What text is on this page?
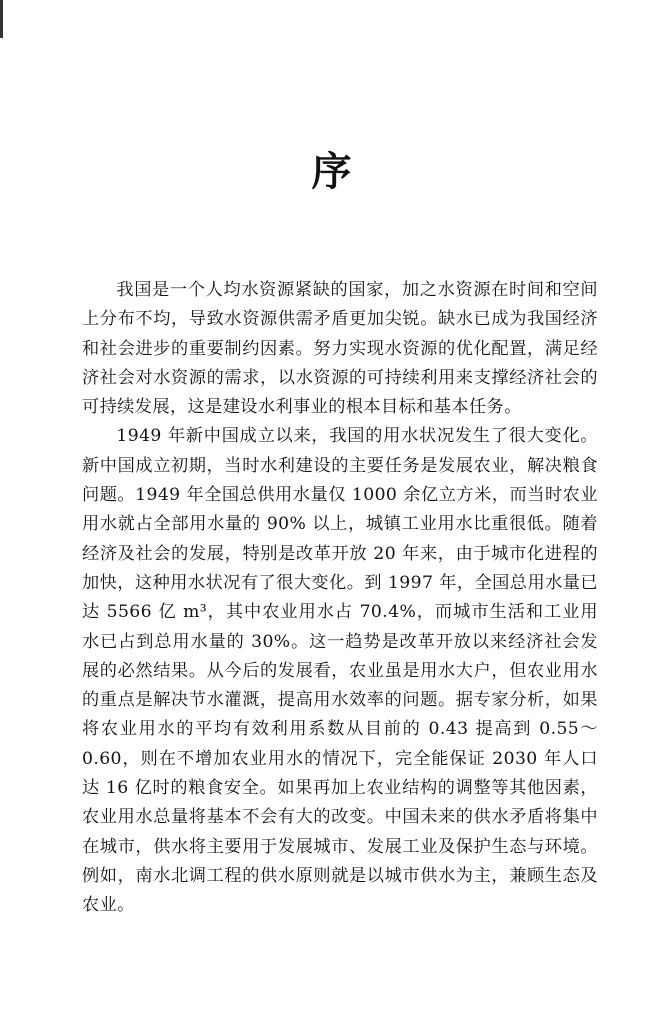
序

我国是一个人均水资源紧缺的国家，加之水资源在时间和空间上分布不均，导致水资源供需矛盾更加尖锐。缺水已成为我国经济和社会进步的重要制约因素。努力实现水资源的优化配置，满足经济社会对水资源的需求，以水资源的可持续利用来支撑经济社会的可持续发展，这是建设水利事业的根本目标和基本任务。

1949 年新中国成立以来，我国的用水状况发生了很大变化。新中国成立初期，当时水利建设的主要任务是发展农业，解决粮食问题。1949 年全国总供用水量仅 1000 余亿立方米，而当时农业用水就占全部用水量的 90% 以上，城镇工业用水比重很低。随着经济及社会的发展，特别是改革开放 20 年来，由于城市化进程的加快，这种用水状况有了很大变化。到 1997 年，全国总用水量已达 5566 亿 m³，其中农业用水占 70.4%，而城市生活和工业用水已占到总用水量的 30%。这一趋势是改革开放以来经济社会发展的必然结果。从今后的发展看，农业虽是用水大户，但农业用水的重点是解决节水灌溉，提高用水效率的问题。据专家分析，如果将农业用水的平均有效利用系数从目前的 0.43 提高到 0.55～0.60，则在不增加农业用水的情况下，完全能保证 2030 年人口达 16 亿时的粮食安全。如果再加上农业结构的调整等其他因素，农业用水总量将基本不会有大的改变。中国未来的供水矛盾将集中在城市，供水将主要用于发展城市、发展工业及保护生态与环境。例如，南水北调工程的供水原则就是以城市供水为主，兼顾生态及农业。
